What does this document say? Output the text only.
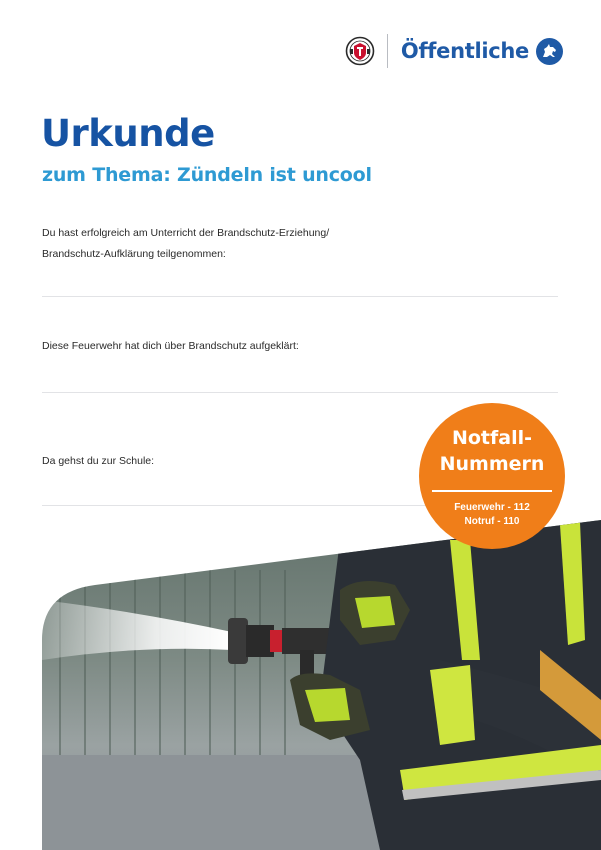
Öffentliche
Urkunde
zum Thema: Zündeln ist uncool
Du hast erfolgreich am Unterricht der Brandschutz-Erziehung/
Brandschutz-Aufklärung teilgenommen:
Diese Feuerwehr hat dich über Brandschutz aufgeklärt:
Da gehst du zur Schule:
Notfall-
Nummern
Feuerwehr - 112
Notruf - 110
